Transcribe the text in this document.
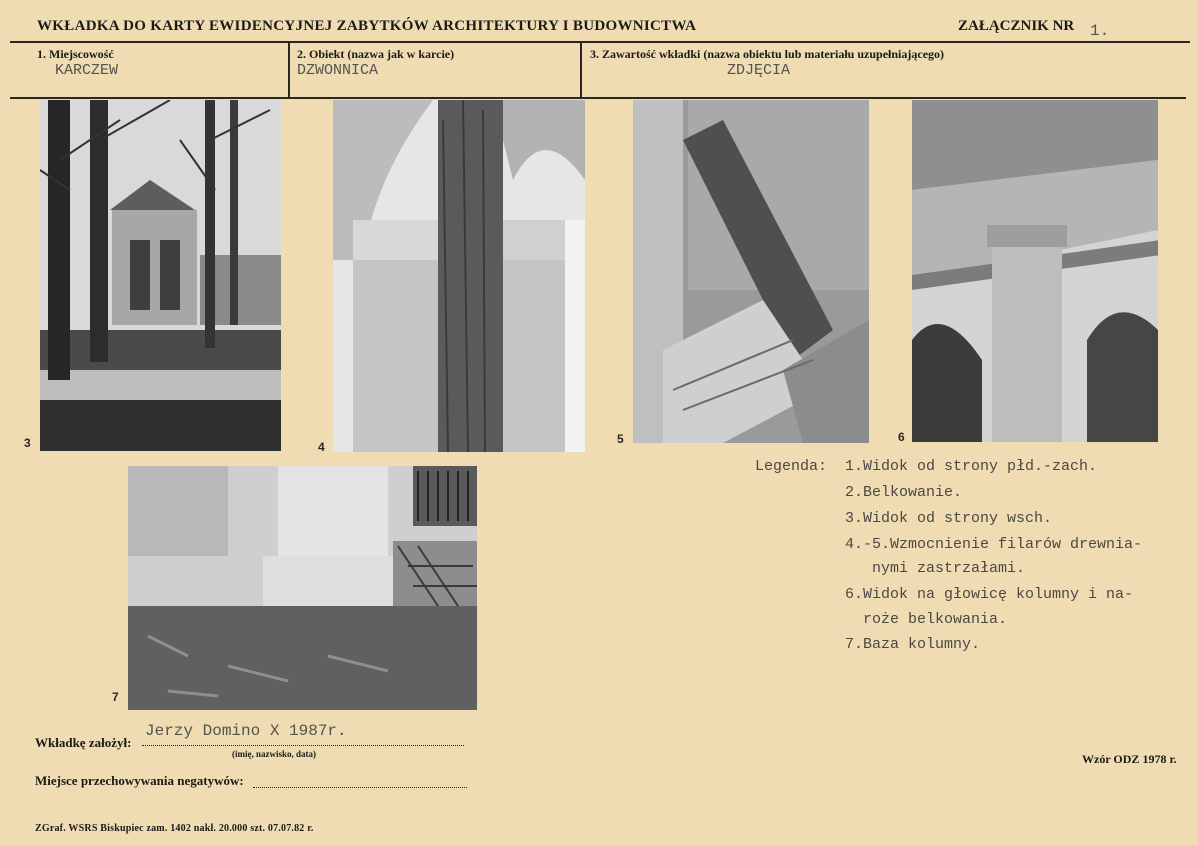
WKŁADKA DO KARTY EWIDENCYJNEJ ZABYTKÓW ARCHITEKTURY I BUDOWNICTWA	ZAŁĄCZNIK NR 1.
1. Miejscowość
KARCZEW
2. Obiekt (nazwa jak w karcie)
DZWONNICA
3. Zawartość wkładki (nazwa obiektu lub materiału uzupełniającego)
ZDJĘCIA
3	4
5	6
7
Legenda: 1.Widok od strony płd.-zach.
2.Belkowanie.
3.Widok od strony wsch.
4.-5.Wzmocnienie filarów drewnia-
nymi zastrzałami.
6.Widok na głowicę kolumny i na-
roże belkowania.
7.Baza kolumny.
Wkładkę założył:
Jerzy Domino X 1987r.
(imię, nazwisko, data)
Miejsce przechowywania negatywów:
Wzór ODZ 1978 r.
ZGraf. WSRS Biskupiec zam. 1402 nakł. 20.000 szt. 07.07.82 r.
